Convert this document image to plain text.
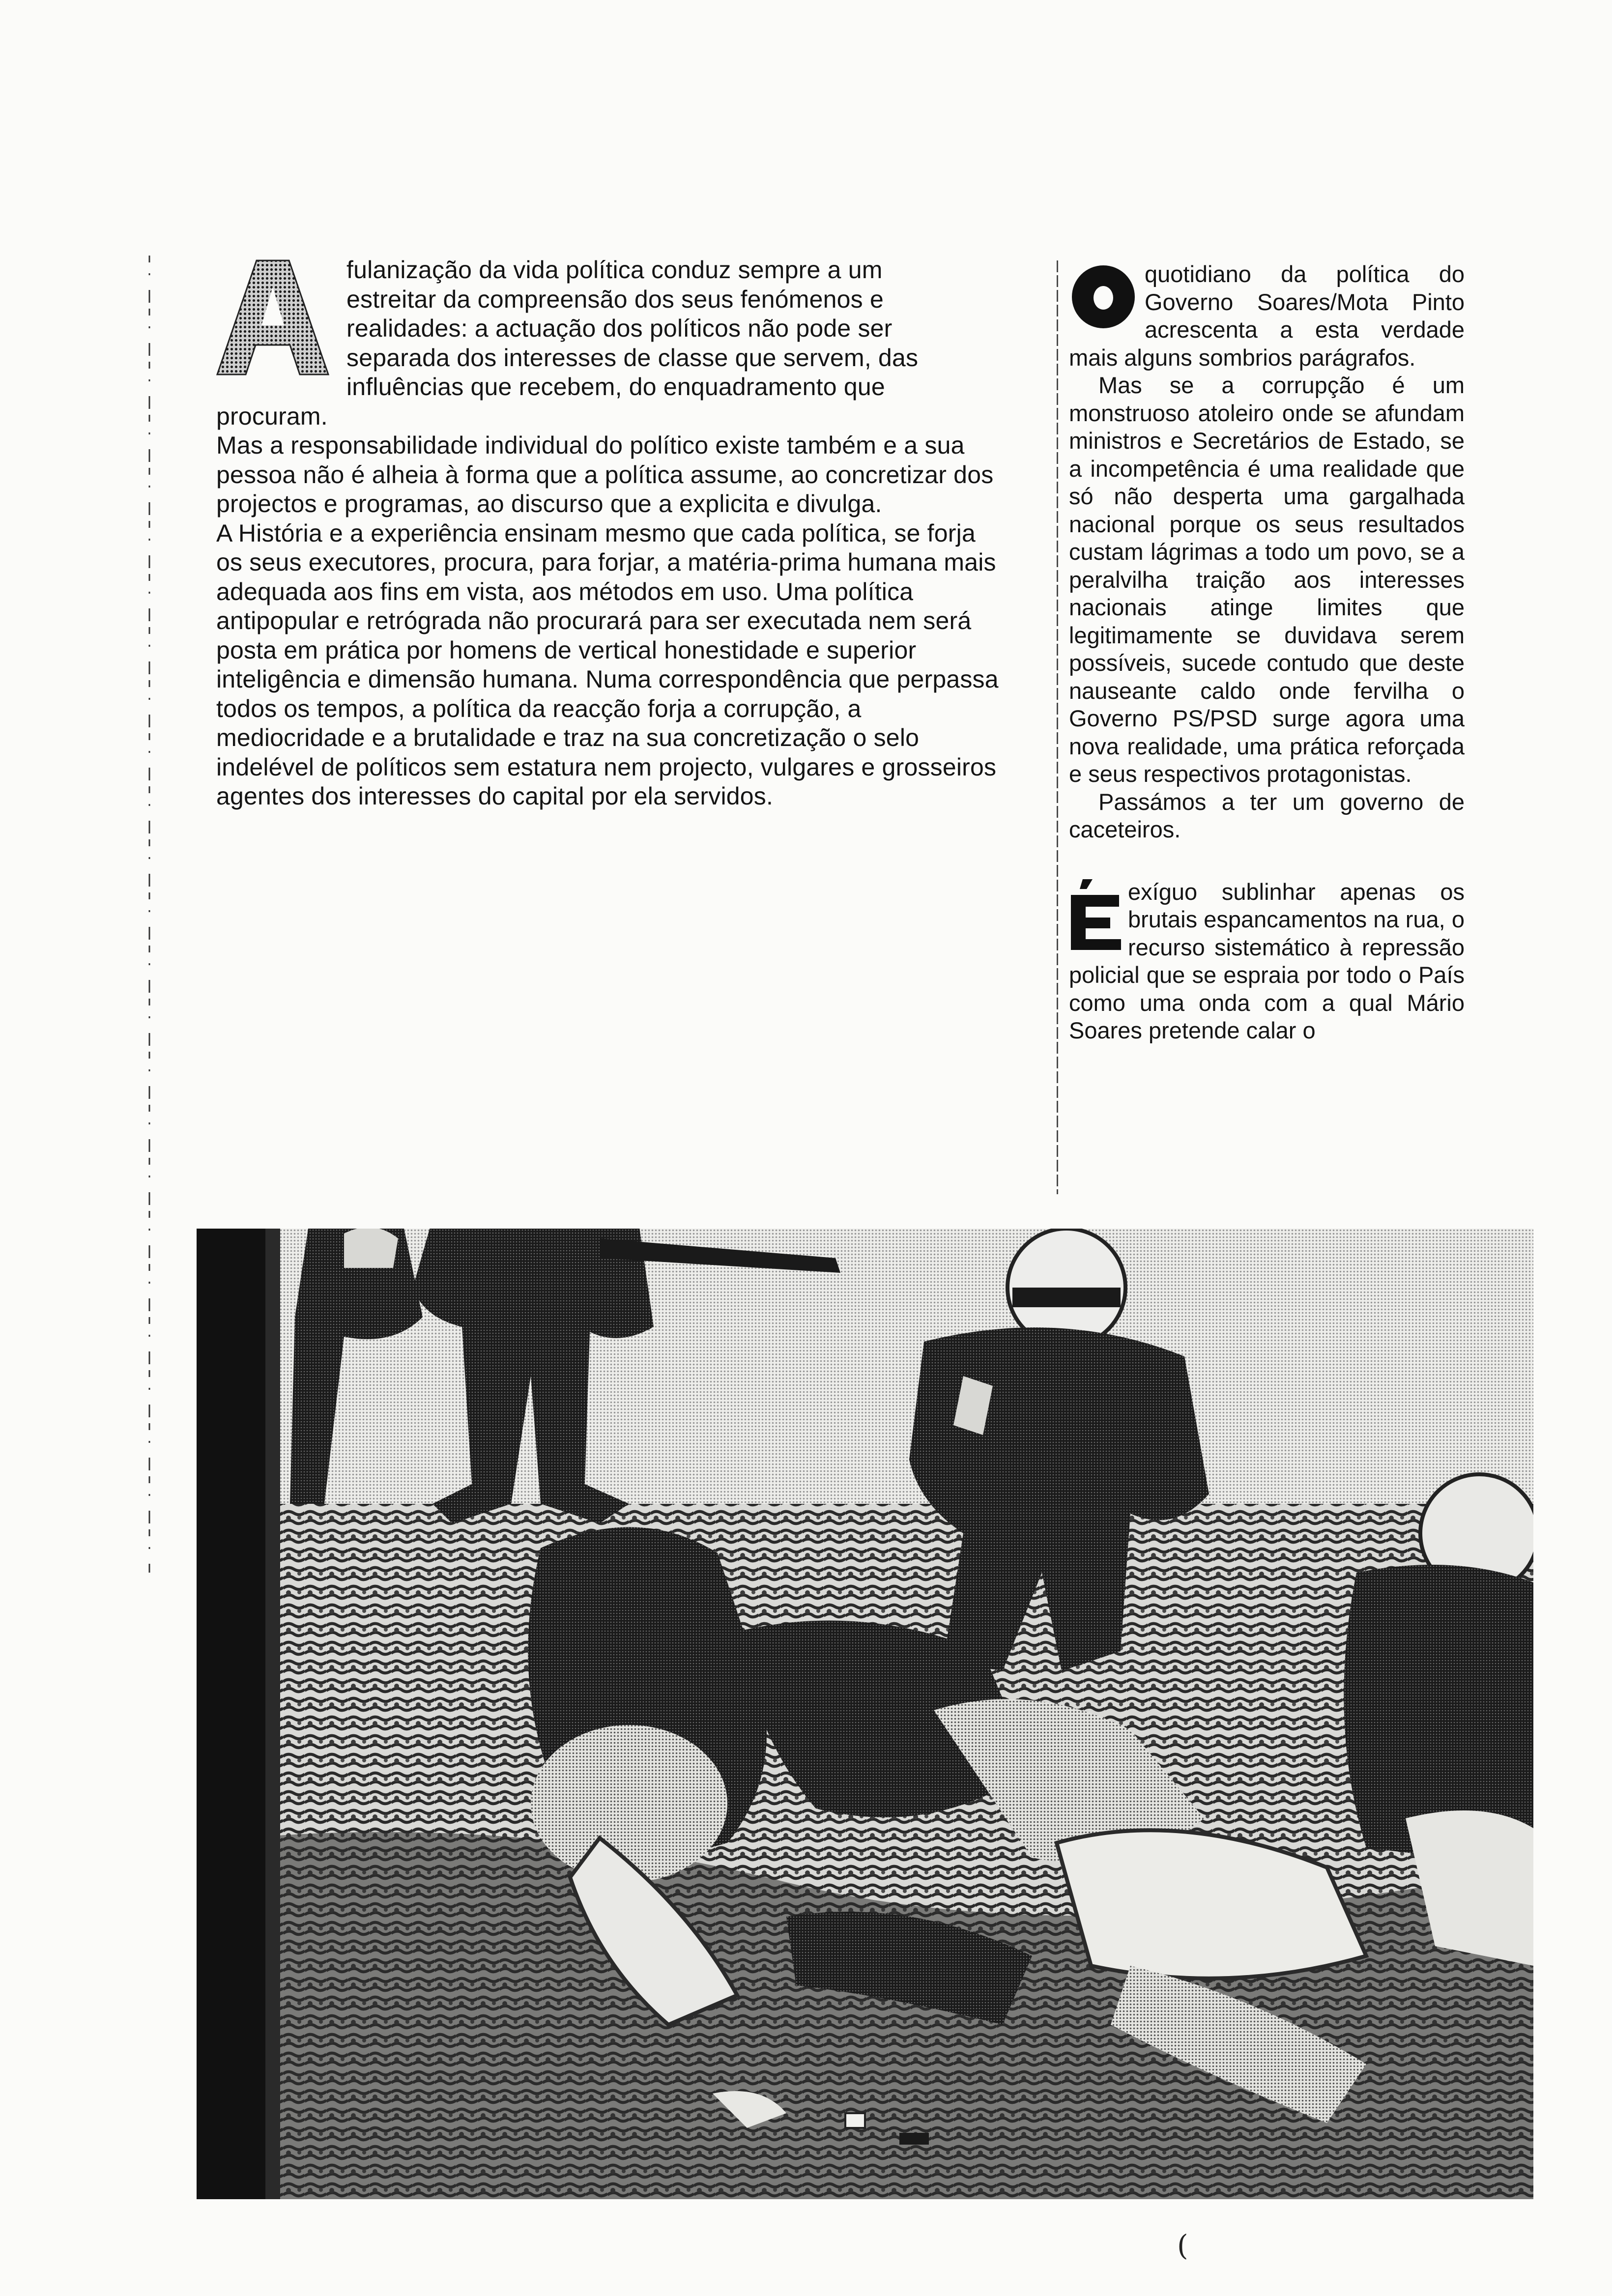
fulanização da vida política conduz sempre a um
estreitar da compreensão dos seus fenómenos e
realidades: a actuação dos políticos não pode ser
separada dos interesses de classe que servem, das
influências que recebem, do enquadramento que
procuram.

Mas a responsabilidade individual do político existe também e a sua pessoa não é alheia à forma que a política assume, ao concretizar dos projectos e programas, ao discurso que a explicita e divulga.

A História e a experiência ensinam mesmo que cada política, se forja os seus executores, procura, para forjar, a matéria-prima humana mais adequada aos fins em vista, aos métodos em uso. Uma política antipopular e retrógrada não procurará para ser executada nem será posta em prática por homens de vertical honestidade e superior inteligência e dimensão humana. Numa correspondência que perpassa todos os tempos, a política da reacção forja a corrupção, a mediocridade e a brutalidade e traz na sua concretização o selo indelével de políticos sem estatura nem projecto, vulgares e grosseiros agentes dos interesses do capital por ela servidos.

quotidiano da política do Governo Soares/Mota Pinto acrescenta a esta verdade mais alguns sombrios parágrafos.

Mas se a corrupção é um monstruoso atoleiro onde se afundam ministros e Secretários de Estado, se a incompetência é uma realidade que só não desperta uma gargalhada nacional porque os seus resultados custam lágrimas a todo um povo, se a peralvilha traição aos interesses nacionais atinge limites que legitimamente se duvidava serem possíveis, sucede contudo que deste nauseante caldo onde fervilha o Governo PS/PSD surge agora uma nova realidade, uma prática reforçada e seus respectivos protagonistas.

Passámos a ter um governo de caceteiros.

exíguo sublinhar apenas os brutais espancamentos na rua, o recurso sistemático à repressão policial que se espraia por todo o País como uma onda com a qual Mário Soares pretende calar o

(
